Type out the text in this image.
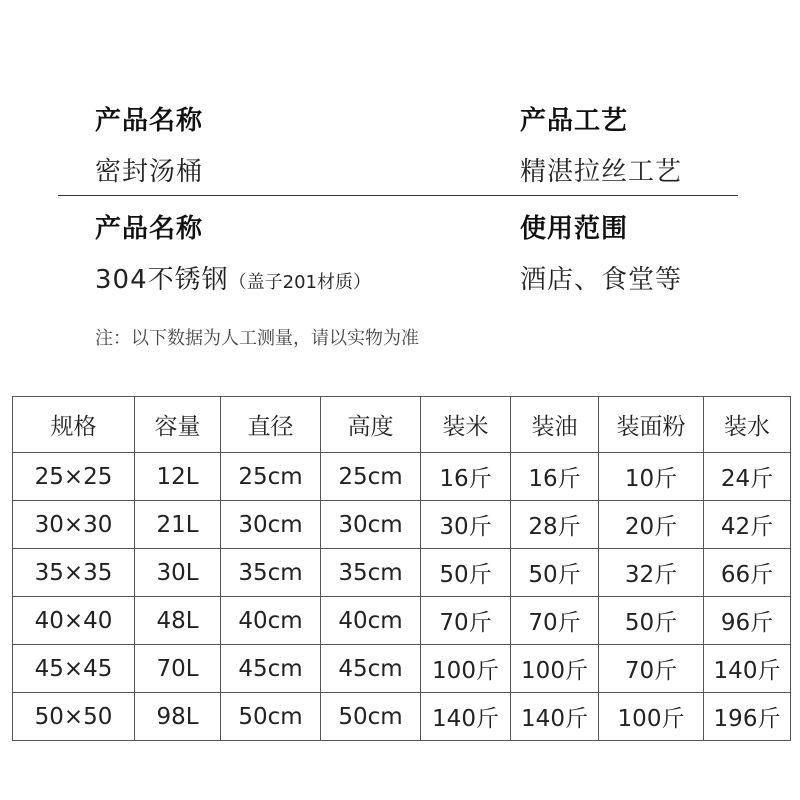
产品名称
密封汤桶
产品工艺
精湛拉丝工艺
产品名称
304不锈钢（盖子201材质）
使用范围
酒店、食堂等
注：以下数据为人工测量，请以实物为准
规格	容量	直径	高度	装米	装油	装面粉	装水
25×25	12L	25cm	25cm	16斤	16斤	10斤	24斤
30×30	21L	30cm	30cm	30斤	28斤	20斤	42斤
35×35	30L	35cm	35cm	50斤	50斤	32斤	66斤
40×40	48L	40cm	40cm	70斤	70斤	50斤	96斤
45×45	70L	45cm	45cm	100斤	100斤	70斤	140斤
50×50	98L	50cm	50cm	140斤	140斤	100斤	196斤
